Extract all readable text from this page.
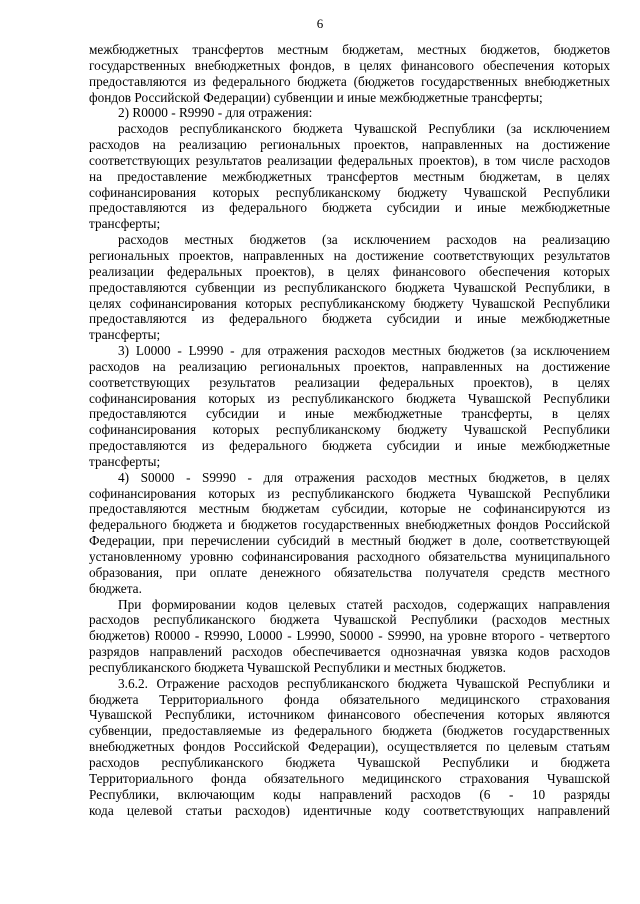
6
межбюджетных трансфертов местным бюджетам, местных бюджетов, бюджетов
государственных внебюджетных фондов, в целях финансового обеспечения которых
предоставляются из федерального бюджета (бюджетов государственных внебюджетных
фондов Российской Федерации) субвенции и иные межбюджетные трансферты;
2) R0000 - R9990 - для отражения:
расходов республиканского бюджета Чувашской Республики (за исключением
расходов на реализацию региональных проектов, направленных на достижение
соответствующих результатов реализации федеральных проектов), в том числе расходов
на предоставление межбюджетных трансфертов местным бюджетам, в целях
софинансирования которых республиканскому бюджету Чувашской Республики
предоставляются из федерального бюджета субсидии и иные межбюджетные
трансферты;
расходов местных бюджетов (за исключением расходов на реализацию
региональных проектов, направленных на достижение соответствующих результатов
реализации федеральных проектов), в целях финансового обеспечения которых
предоставляются субвенции из республиканского бюджета Чувашской Республики, в
целях софинансирования которых республиканскому бюджету Чувашской Республики
предоставляются из федерального бюджета субсидии и иные межбюджетные
трансферты;
3) L0000 - L9990 - для отражения расходов местных бюджетов (за исключением
расходов на реализацию региональных проектов, направленных на достижение
соответствующих результатов реализации федеральных проектов), в целях
софинансирования которых из республиканского бюджета Чувашской Республики
предоставляются субсидии и иные межбюджетные трансферты, в целях
софинансирования которых республиканскому бюджету Чувашской Республики
предоставляются из федерального бюджета субсидии и иные межбюджетные
трансферты;
4) S0000 - S9990 - для отражения расходов местных бюджетов, в целях
софинансирования которых из республиканского бюджета Чувашской Республики
предоставляются местным бюджетам субсидии, которые не софинансируются из
федерального бюджета и бюджетов государственных внебюджетных фондов Российской
Федерации, при перечислении субсидий в местный бюджет в доле, соответствующей
установленному уровню софинансирования расходного обязательства муниципального
образования, при оплате денежного обязательства получателя средств местного
бюджета.
При формировании кодов целевых статей расходов, содержащих направления
расходов республиканского бюджета Чувашской Республики (расходов местных
бюджетов) R0000 - R9990, L0000 - L9990, S0000 - S9990, на уровне второго - четвертого
разрядов направлений расходов обеспечивается однозначная увязка кодов расходов
республиканского бюджета Чувашской Республики и местных бюджетов.
3.6.2. Отражение расходов республиканского бюджета Чувашской Республики и
бюджета Территориального фонда обязательного медицинского страхования
Чувашской Республики, источником финансового обеспечения которых являются
субвенции, предоставляемые из федерального бюджета (бюджетов государственных
внебюджетных фондов Российской Федерации), осуществляется по целевым статьям
расходов республиканского бюджета Чувашской Республики и бюджета
Территориального фонда обязательного медицинского страхования Чувашской
Республики, включающим коды направлений расходов (6 - 10 разряды
кода целевой статьи расходов) идентичные коду соответствующих направлений
